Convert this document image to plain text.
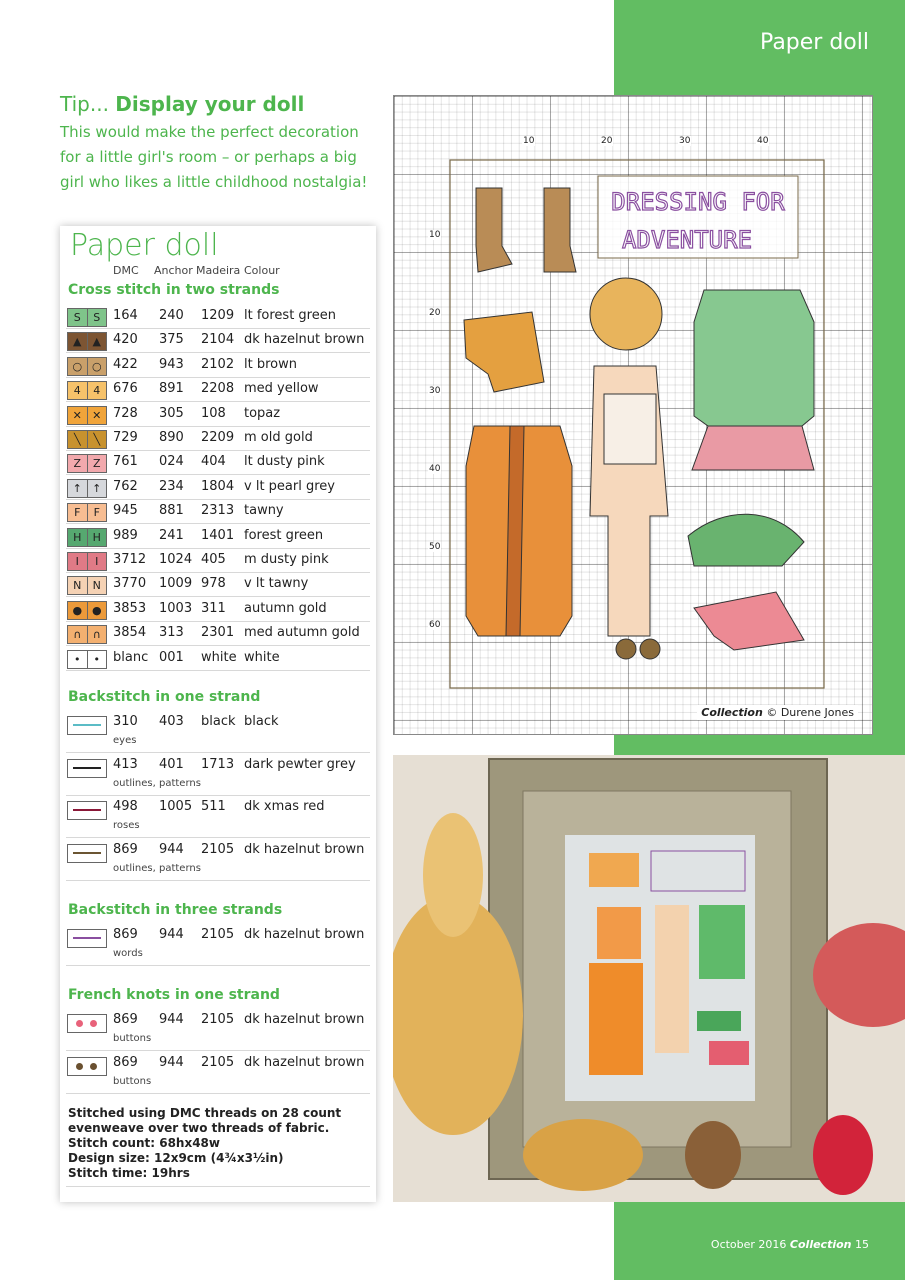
Paper doll
October 2016 Collection 15

Tip... Display your doll

This would make the perfect decoration for a little girl's room – or perhaps a big girl who likes a little childhood nostalgia!

Paper doll
DMC Anchor Madeira Colour
Cross stitch in two strands
S	S 164 240 1209 lt forest green
▲	▲ 420 375 2104 dk hazelnut brown
○ ○ 422 943 2102 lt brown
4	4 676 891 2208 med yellow
✕ ✕ 728 305 108 topaz
╲	╲ 729 890 2209 m old gold
Z	Z 761 024 404 lt dusty pink
↑ ↑ 762 234 1804 v lt pearl grey
F	F	945 881 2313 tawny
H	H 989 241 1401 forest green
I	I	3712 1024 405 m dusty pink
N	N 3770 1009 978 v lt tawny
● ● 3853 1003 311 autumn gold
∩	∩ 3854 313 2301 med autumn gold
•	•	blanc 001 white white
Backstitch in one strand
310 403 black black
eyes
413 401 1713 dark pewter grey
outlines, patterns
498 1005 511 dk xmas red
roses
869 944 2105 dk hazelnut brown
outlines, patterns
Backstitch in three strands
869 944 2105 dk hazelnut brown
words
French knots in one strand
869 944 2105 dk hazelnut brown
buttons
869 944 2105 dk hazelnut brown
buttons
Stitched using DMC threads on 28 count evenweave over two threads of fabric.
Stitch count: 68hx48w
Design size: 12x9cm (4¾x3½in)
Stitch time: 19hrs
10	20	30	40
10
20
30
40
50
60
DRESSING FOR
ADVENTURE
Collection © Durene Jones
